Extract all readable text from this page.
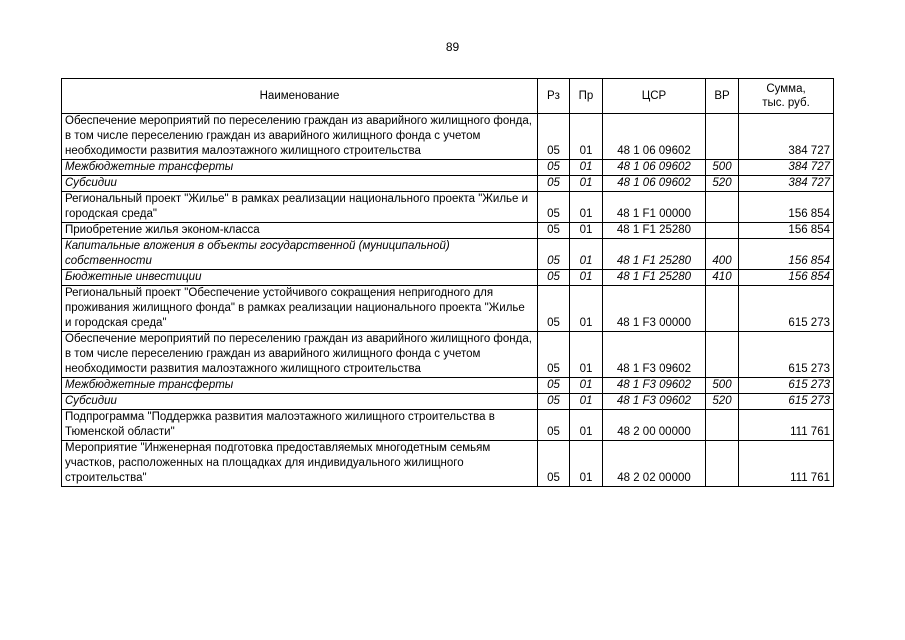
89
Наименование	Рз	Пр	ЦСР	ВР	Сумма,
тыс. руб.
Обеспечение мероприятий по переселению граждан из аварийного жилищного фонда, в том числе переселению граждан из аварийного жилищного фонда с учетом необходимости развития малоэтажного жилищного строительства	05	01	48 1 06 09602		384 727
Межбюджетные трансферты	05	01	48 1 06 09602	500	384 727
Субсидии	05	01	48 1 06 09602	520	384 727
Региональный проект "Жилье" в рамках реализации национального проекта "Жилье и городская среда"	05	01	48 1 F1 00000		156 854
Приобретение жилья эконом-класса	05	01	48 1 F1 25280		156 854
Капитальные вложения в объекты государственной (муниципальной) собственности	05	01	48 1 F1 25280	400	156 854
Бюджетные инвестиции	05	01	48 1 F1 25280	410	156 854
Региональный проект "Обеспечение устойчивого сокращения непригодного для проживания жилищного фонда" в рамках реализации национального проекта "Жилье и городская среда"	05	01	48 1 F3 00000		615 273
Обеспечение мероприятий по переселению граждан из аварийного жилищного фонда, в том числе переселению граждан из аварийного жилищного фонда с учетом необходимости развития малоэтажного жилищного строительства	05	01	48 1 F3 09602		615 273
Межбюджетные трансферты	05	01	48 1 F3 09602	500	615 273
Субсидии	05	01	48 1 F3 09602	520	615 273
Подпрограмма "Поддержка развития малоэтажного жилищного строительства в Тюменской области"	05	01	48 2 00 00000		111 761
Мероприятие "Инженерная подготовка предоставляемых многодетным семьям участков, расположенных на площадках для индивидуального жилищного строительства"	05	01	48 2 02 00000		111 761
